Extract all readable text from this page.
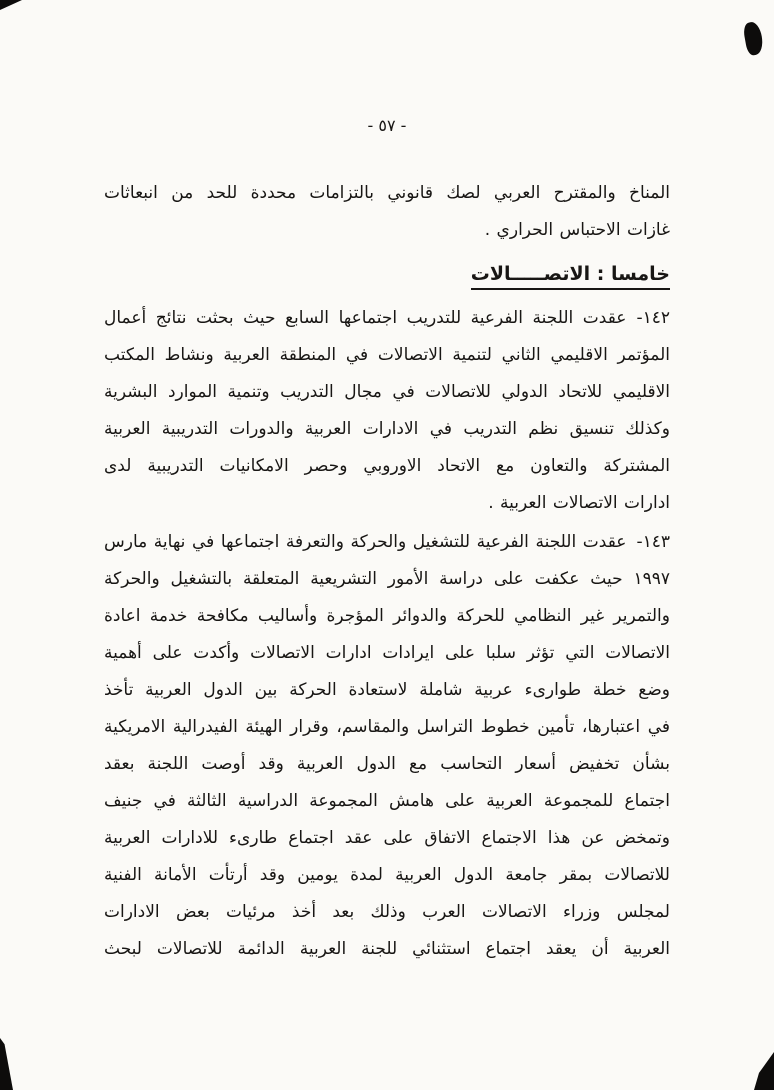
- ٥٧ -
المناخ والمقترح العربي لصك قانوني بالتزامات محددة للحد من انبعاثات
غازات الاحتباس الحراري .
خامسا : الاتصـــــالات
١٤٢-عقدت اللجنة الفرعية للتدريب اجتماعها السابع حيث بحثت نتائج أعمال
المؤتمر الاقليمي الثاني لتنمية الاتصالات في المنطقة العربية ونشاط المكتب
الاقليمي للاتحاد الدولي للاتصالات في مجال التدريب وتنمية الموارد البشرية
وكذلك تنسيق نظم التدريب في الادارات العربية والدورات التدريبية العربية
المشتركة والتعاون مع الاتحاد الاوروبي وحصر الامكانيات التدريبية لدى
ادارات الاتصالات العربية .
١٤٣-عقدت اللجنة الفرعية للتشغيل والحركة والتعرفة اجتماعها في نهاية مارس
١٩٩٧ حيث عكفت على دراسة الأمور التشريعية المتعلقة بالتشغيل والحركة
والتمرير غير النظامي للحركة والدوائر المؤجرة وأساليب مكافحة خدمة اعادة
الاتصالات التي تؤثر سلبا على ايرادات ادارات الاتصالات وأكدت على أهمية
وضع خطة طوارىء عربية شاملة لاستعادة الحركة بين الدول العربية تأخذ
في اعتبارها، تأمين خطوط التراسل والمقاسم، وقرار الهيئة الفيدرالية الامريكية
بشأن تخفيض أسعار التحاسب مع الدول العربية وقد أوصت اللجنة بعقد
اجتماع للمجموعة العربية على هامش المجموعة الدراسية الثالثة في جنيف
وتمخض عن هذا الاجتماع الاتفاق على عقد اجتماع طارىء للادارات العربية
للاتصالات بمقر جامعة الدول العربية لمدة يومين وقد أرتأت الأمانة الفنية
لمجلس وزراء الاتصالات العرب وذلك بعد أخذ مرئيات بعض الادارات
العربية أن يعقد اجتماع استثنائي للجنة العربية الدائمة للاتصالات لبحث
